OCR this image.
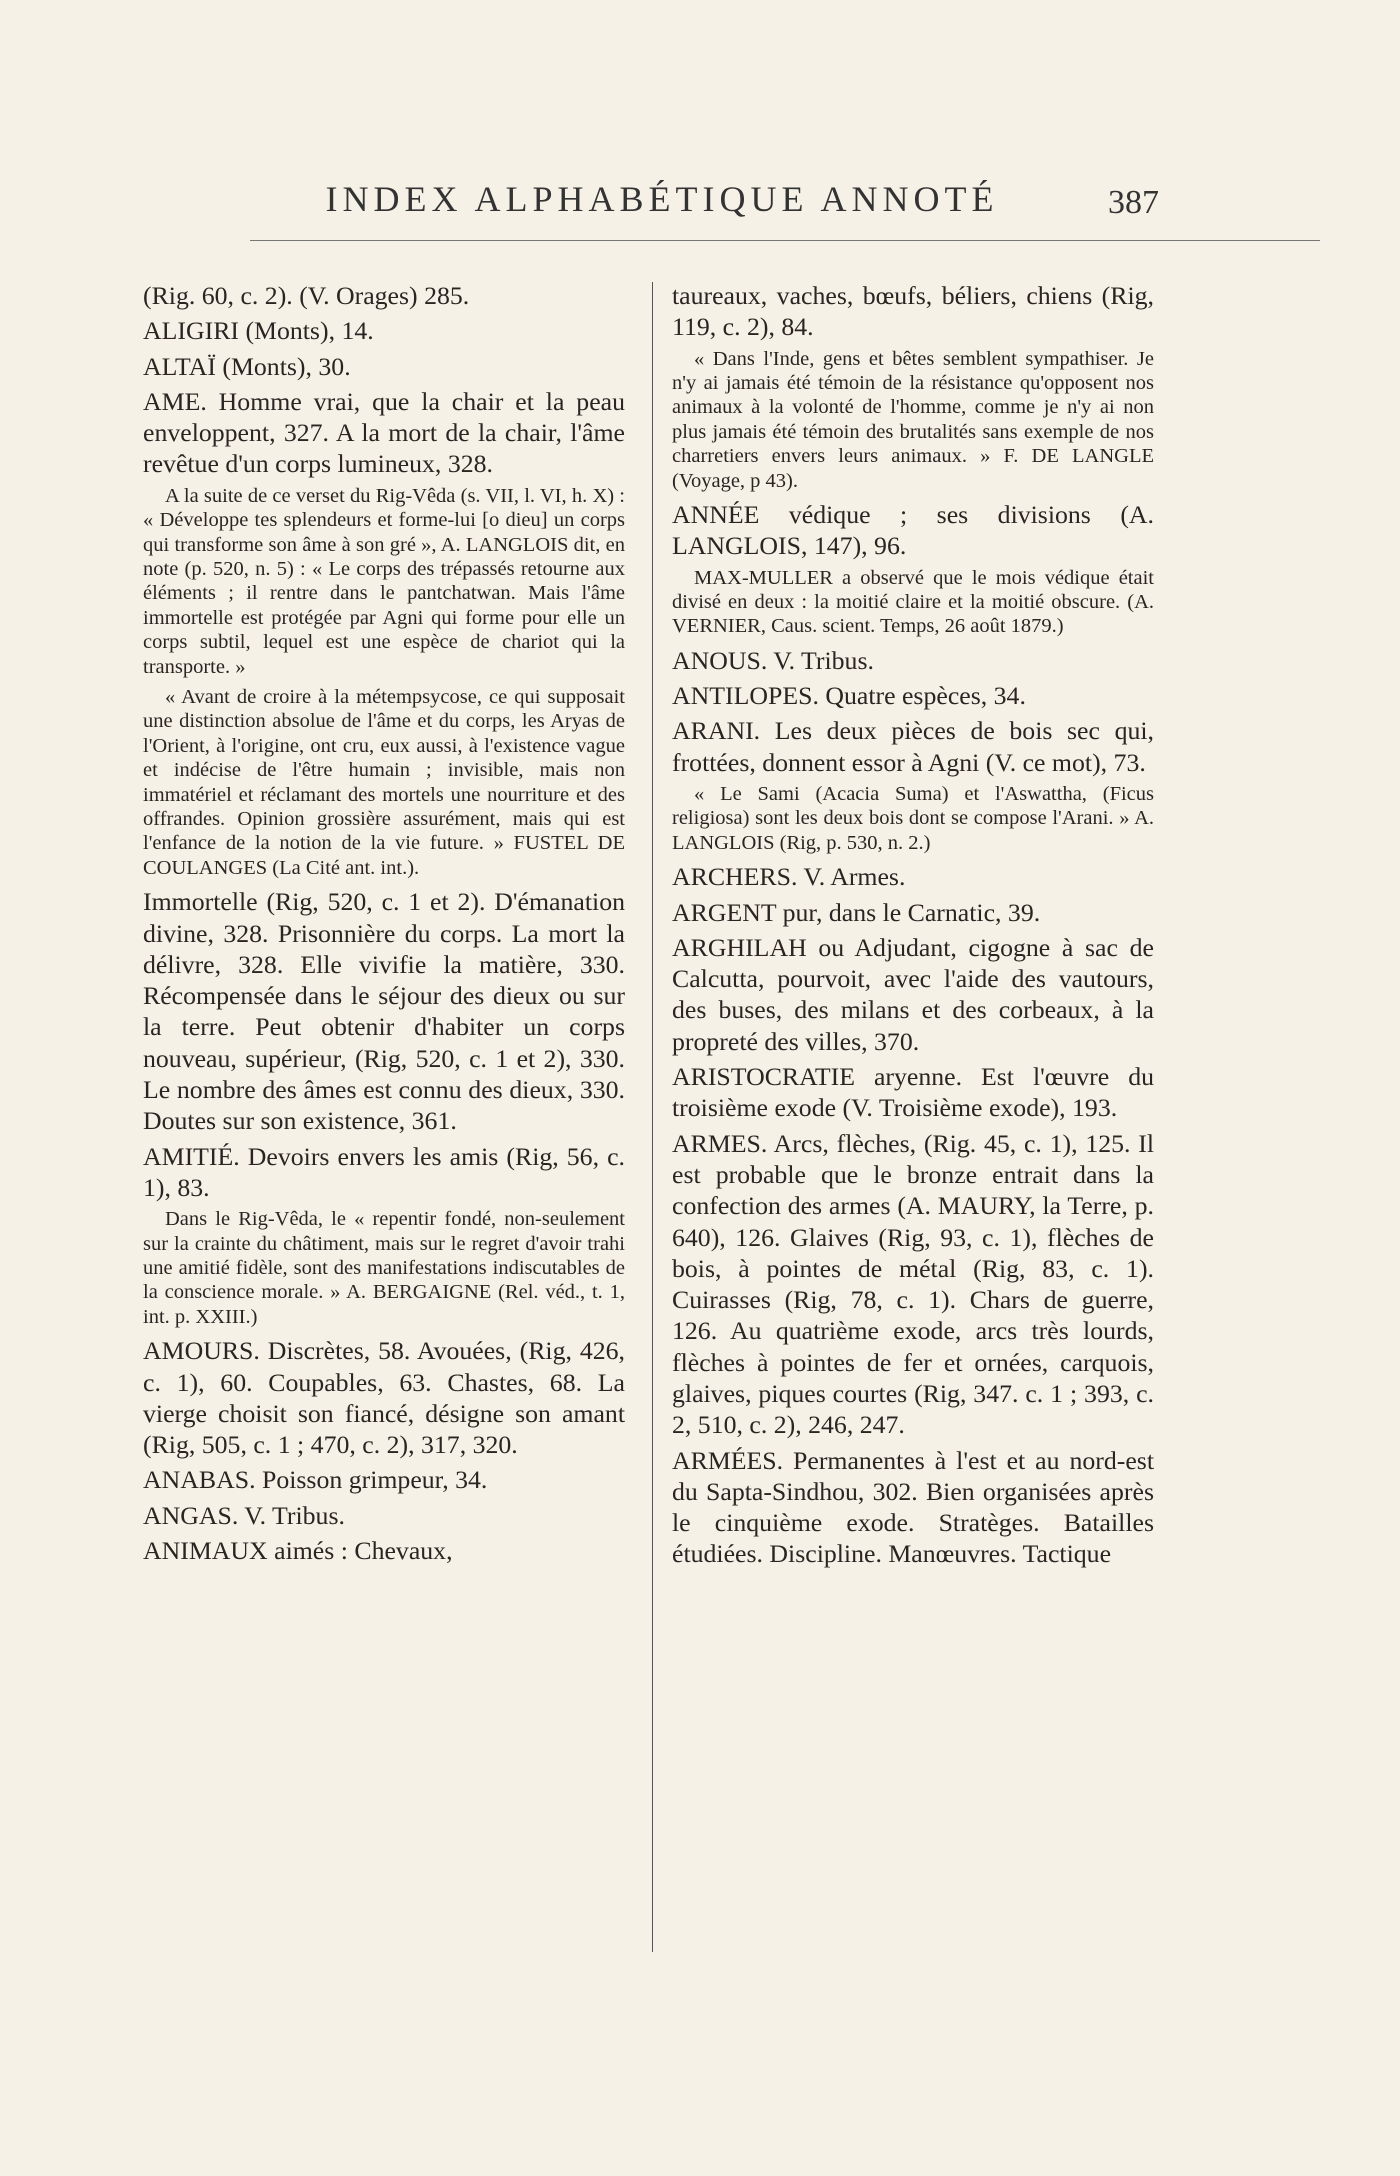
INDEX ALPHABÉTIQUE ANNOTÉ	387

(Rig. 60, c. 2). (V. Orages) 285.

ALIGIRI (Monts), 14.

ALTAÏ (Monts), 30.

AME. Homme vrai, que la chair et la peau enveloppent, 327. A la mort de la chair, l'âme revêtue d'un corps lumineux, 328.

A la suite de ce verset du Rig-Vêda (s. VII, l. VI, h. X) : « Développe tes splendeurs et forme-lui [o dieu] un corps qui transforme son âme à son gré », A. LANGLOIS dit, en note (p. 520, n. 5) : « Le corps des trépassés retourne aux éléments ; il rentre dans le pantchatwan. Mais l'âme immortelle est protégée par Agni qui forme pour elle un corps subtil, lequel est une espèce de chariot qui la transporte. »

« Avant de croire à la métempsycose, ce qui supposait une distinction absolue de l'âme et du corps, les Aryas de l'Orient, à l'origine, ont cru, eux aussi, à l'existence vague et indécise de l'être humain ; invisible, mais non immatériel et réclamant des mortels une nourriture et des offrandes. Opinion grossière assurément, mais qui est l'enfance de la notion de la vie future. » FUSTEL DE COULANGES (La Cité ant. int.).

Immortelle (Rig, 520, c. 1 et 2). D'émanation divine, 328. Prisonnière du corps. La mort la délivre, 328. Elle vivifie la matière, 330. Récompensée dans le séjour des dieux ou sur la terre. Peut obtenir d'habiter un corps nouveau, supérieur, (Rig, 520, c. 1 et 2), 330. Le nombre des âmes est connu des dieux, 330. Doutes sur son existence, 361.

AMITIÉ. Devoirs envers les amis (Rig, 56, c. 1), 83.

Dans le Rig-Vêda, le « repentir fondé, non-seulement sur la crainte du châtiment, mais sur le regret d'avoir trahi une amitié fidèle, sont des manifestations indiscutables de la conscience morale. » A. BERGAIGNE (Rel. véd., t. 1, int. p. XXIII.)

AMOURS. Discrètes, 58. Avouées, (Rig, 426, c. 1), 60. Coupables, 63. Chastes, 68. La vierge choisit son fiancé, désigne son amant (Rig, 505, c. 1 ; 470, c. 2), 317, 320.

ANABAS. Poisson grimpeur, 34.

ANGAS. V. Tribus.

ANIMAUX aimés : Chevaux,

taureaux, vaches, bœufs, béliers, chiens (Rig, 119, c. 2), 84.

« Dans l'Inde, gens et bêtes semblent sympathiser. Je n'y ai jamais été témoin de la résistance qu'opposent nos animaux à la volonté de l'homme, comme je n'y ai non plus jamais été témoin des brutalités sans exemple de nos charretiers envers leurs animaux. » F. DE LANGLE (Voyage, p 43).

ANNÉE védique ; ses divisions (A. LANGLOIS, 147), 96.

MAX-MULLER a observé que le mois védique était divisé en deux : la moitié claire et la moitié obscure. (A. VERNIER, Caus. scient. Temps, 26 août 1879.)

ANOUS. V. Tribus.

ANTILOPES. Quatre espèces, 34.

ARANI. Les deux pièces de bois sec qui, frottées, donnent essor à Agni (V. ce mot), 73.

« Le Sami (Acacia Suma) et l'Aswattha, (Ficus religiosa) sont les deux bois dont se compose l'Arani. » A. LANGLOIS (Rig, p. 530, n. 2.)

ARCHERS. V. Armes.

ARGENT pur, dans le Carnatic, 39.

ARGHILAH ou Adjudant, cigogne à sac de Calcutta, pourvoit, avec l'aide des vautours, des buses, des milans et des corbeaux, à la propreté des villes, 370.

ARISTOCRATIE aryenne. Est l'œuvre du troisième exode (V. Troisième exode), 193.

ARMES. Arcs, flèches, (Rig. 45, c. 1), 125. Il est probable que le bronze entrait dans la confection des armes (A. MAURY, la Terre, p. 640), 126. Glaives (Rig, 93, c. 1), flèches de bois, à pointes de métal (Rig, 83, c. 1). Cuirasses (Rig, 78, c. 1). Chars de guerre, 126. Au quatrième exode, arcs très lourds, flèches à pointes de fer et ornées, carquois, glaives, piques courtes (Rig, 347. c. 1 ; 393, c. 2, 510, c. 2), 246, 247.

ARMÉES. Permanentes à l'est et au nord-est du Sapta-Sindhou, 302. Bien organisées après le cinquième exode. Stratèges. Batailles étudiées. Discipline. Manœuvres. Tactique
